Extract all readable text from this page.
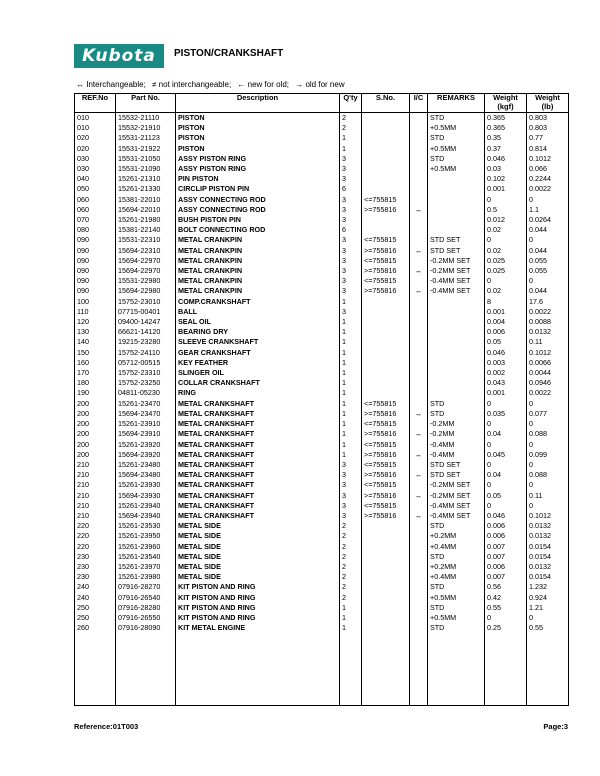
Kubota	PISTON/CRANKSHAFT
↔ Interchangeable; ≠ not interchangeable; ← new for old; → old for new
REF.No	Part No.	Description	Q'ty	S.No.	I/C	REMARKS	Weight (kgf)	Weight (lb)
010	15532-21110	PISTON	2			STD	0.365	0.803
010	15532-21910	PISTON	2			+0.5MM	0.365	0.803
020	15531-21123	PISTON	1			STD	0.35	0.77
020	15531-21922	PISTON	1			+0.5MM	0.37	0.814
030	15531-21050	ASSY PISTON RING	3			STD	0.046	0.1012
030	15531-21090	ASSY PISTON RING	3			+0.5MM	0.03	0.066
040	15261-21310	PIN PISTON	3				0.102	0.2244
050	15261-21330	CIRCLIP PISTON PIN	6				0.001	0.0022
060	15381-22010	ASSY CONNECTING ROD	3	<=755815			0	0
060	15694-22010	ASSY CONNECTING ROD	3	>=755816	↔		0.5	1.1
070	15261-21980	BUSH PISTON PIN	3				0.012	0.0264
080	15381-22140	BOLT CONNECTING ROD	6				0.02	0.044
090	15531-22310	METAL CRANKPIN	3	<=755815		STD SET	0	0
090	15694-22310	METAL CRANKPIN	3	>=755816	↔	STD SET	0.02	0.044
090	15694-22970	METAL CRANKPIN	3	<=755815		-0.2MM SET	0.025	0.055
090	15694-22970	METAL CRANKPIN	3	>=755816	↔	-0.2MM SET	0.025	0.055
090	15531-22980	METAL CRANKPIN	3	<=755815		-0.4MM SET	0	0
090	15694-22980	METAL CRANKPIN	3	>=755816	↔	-0.4MM SET	0.02	0.044
100	15752-23010	COMP.CRANKSHAFT	1				8	17.6
110	07715-00401	BALL	3				0.001	0.0022
120	09400-14247	SEAL OIL	1				0.004	0.0088
130	66621-14120	BEARING DRY	1				0.006	0.0132
140	19215-23280	SLEEVE CRANKSHAFT	1				0.05	0.11
150	15752-24110	GEAR CRANKSHAFT	1				0.046	0.1012
160	05712-00515	KEY FEATHER	1				0.003	0.0066
170	15752-23310	SLINGER OIL	1				0.002	0.0044
180	15752-23250	COLLAR CRANKSHAFT	1				0.043	0.0946
190	04811-05230	RING	1				0.001	0.0022
200	15261-23470	METAL CRANKSHAFT	1	<=755815		STD	0	0
200	15694-23470	METAL CRANKSHAFT	1	>=755816	↔	STD	0.035	0.077
200	15261-23910	METAL CRANKSHAFT	1	<=755815		-0.2MM	0	0
200	15694-23910	METAL CRANKSHAFT	1	>=755816	↔	-0.2MM	0.04	0.088
200	15261-23920	METAL CRANKSHAFT	1	<=755815		-0.4MM	0	0
200	15694-23920	METAL CRANKSHAFT	1	>=755816	↔	-0.4MM	0.045	0.099
210	15261-23480	METAL CRANKSHAFT	3	<=755815		STD SET	0	0
210	15694-23480	METAL CRANKSHAFT	3	>=755816	↔	STD SET	0.04	0.088
210	15261-23930	METAL CRANKSHAFT	3	<=755815		-0.2MM SET	0	0
210	15694-23930	METAL CRANKSHAFT	3	>=755816	↔	-0.2MM SET	0.05	0.11
210	15261-23940	METAL CRANKSHAFT	3	<=755815		-0.4MM SET	0	0
210	15694-23940	METAL CRANKSHAFT	3	>=755816	↔	-0.4MM SET	0.046	0.1012
220	15261-23530	METAL SIDE	2			STD	0.006	0.0132
220	15261-23950	METAL SIDE	2			+0.2MM	0.006	0.0132
220	15261-23960	METAL SIDE	2			+0.4MM	0.007	0.0154
230	15261-23540	METAL SIDE	2			STD	0.007	0.0154
230	15261-23970	METAL SIDE	2			+0.2MM	0.006	0.0132
230	15261-23980	METAL SIDE	2			+0.4MM	0.007	0.0154
240	07916-28270	KIT PISTON AND RING	2			STD	0.56	1.232
240	07916-26540	KIT PISTON AND RING	2			+0.5MM	0.42	0.924
250	07916-28280	KIT PISTON AND RING	1			STD	0.55	1.21
250	07916-26550	KIT PISTON AND RING	1			+0.5MM	0	0
260	07916-28090	KIT METAL ENGINE	1			STD	0.25	0.55

Reference:01T003	Page:3
